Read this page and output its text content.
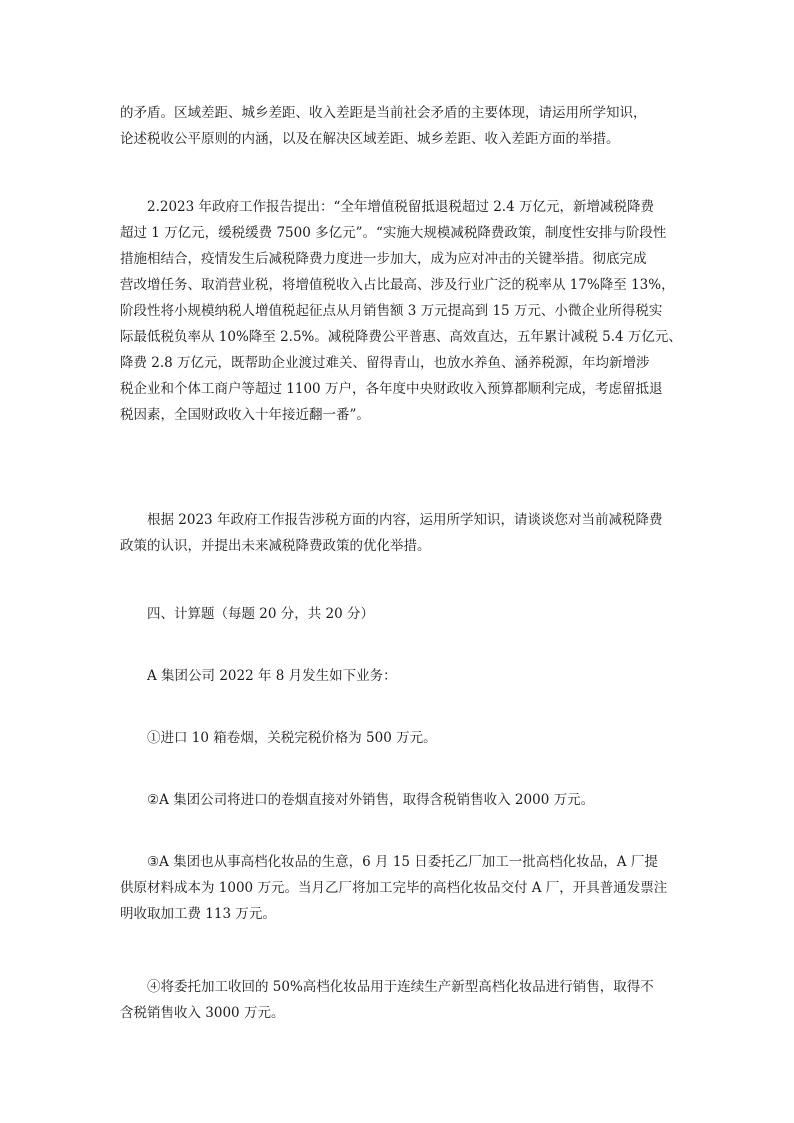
的矛盾。区域差距、城乡差距、收入差距是当前社会矛盾的主要体现，请运用所学知识，
论述税收公平原则的内涵，以及在解决区域差距、城乡差距、收入差距方面的举措。
2.2023 年政府工作报告提出：“全年增值税留抵退税超过 2.4 万亿元，新增减税降费
超过 1 万亿元，缓税缓费 7500 多亿元”。“实施大规模减税降费政策，制度性安排与阶段性
措施相结合，疫情发生后减税降费力度进一步加大，成为应对冲击的关键举措。彻底完成
营改增任务、取消营业税，将增值税收入占比最高、涉及行业广泛的税率从 17%降至 13%，
阶段性将小规模纳税人增值税起征点从月销售额 3 万元提高到 15 万元、小微企业所得税实
际最低税负率从 10%降至 2.5%。减税降费公平普惠、高效直达，五年累计减税 5.4 万亿元、
降费 2.8 万亿元，既帮助企业渡过难关、留得青山，也放水养鱼、涵养税源，年均新增涉
税企业和个体工商户等超过 1100 万户，各年度中央财政收入预算都顺利完成，考虑留抵退
税因素，全国财政收入十年接近翻一番”。
根据 2023 年政府工作报告涉税方面的内容，运用所学知识，请谈谈您对当前减税降费
政策的认识，并提出未来减税降费政策的优化举措。
四、计算题（每题 20 分，共 20 分）
A 集团公司 2022 年 8 月发生如下业务：
①进口 10 箱卷烟，关税完税价格为 500 万元。
②A 集团公司将进口的卷烟直接对外销售，取得含税销售收入 2000 万元。
③A 集团也从事高档化妆品的生意，6 月 15 日委托乙厂加工一批高档化妆品，A 厂提
供原材料成本为 1000 万元。当月乙厂将加工完毕的高档化妆品交付 A 厂，开具普通发票注
明收取加工费 113 万元。
④将委托加工收回的 50%高档化妆品用于连续生产新型高档化妆品进行销售，取得不
含税销售收入 3000 万元。
